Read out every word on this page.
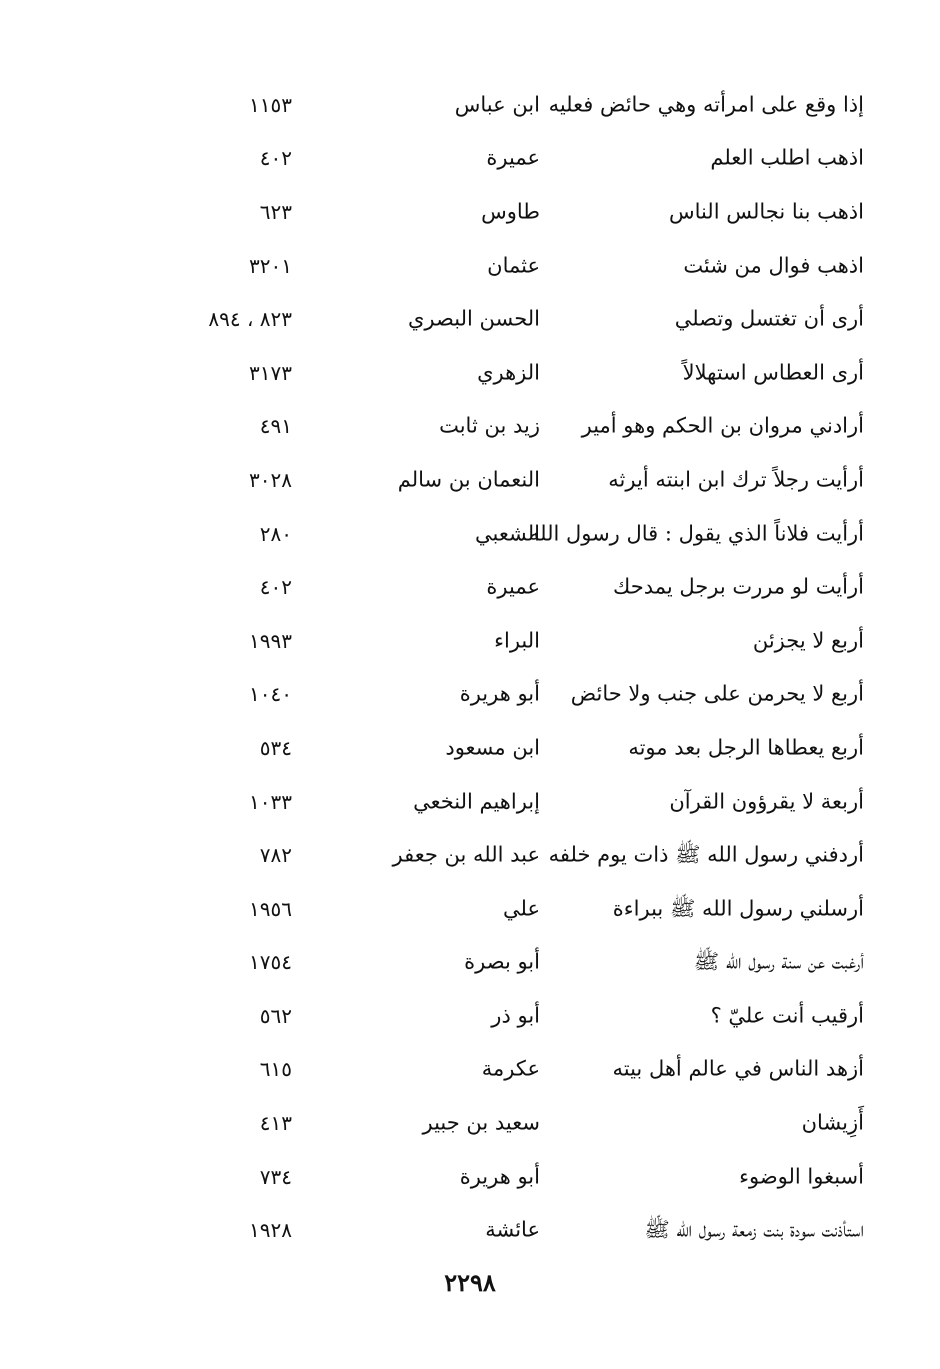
إذا وقع على امرأته وهي حائض فعليه
ابن عباس
١١٥٣
اذهب اطلب العلم
عميرة
٤٠٢
اذهب بنا نجالس الناس
طاوس
٦٢٣
اذهب فوال من شئت
عثمان
٣٢٠١
أرى أن تغتسل وتصلي
الحسن البصري
٨٢٣ ، ٨٩٤
أرى العطاس استهلالاً
الزهري
٣١٧٣
أرادني مروان بن الحكم وهو أمير
زيد بن ثابت
٤٩١
أرأيت رجلاً ترك ابن ابنته أيرثه
النعمان بن سالم
٣٠٢٨
أرأيت فلاناً الذي يقول : قال رسول الله
الشعبي
٢٨٠
أرأيت لو مررت برجل يمدحك
عميرة
٤٠٢
أربع لا يجزئن
البراء
١٩٩٣
أربع لا يحرمن على جنب ولا حائض
أبو هريرة
١٠٤٠
أربع يعطاها الرجل بعد موته
ابن مسعود
٥٣٤
أربعة لا يقرؤون القرآن
إبراهيم النخعي
١٠٣٣
أردفني رسول الله ﷺ ذات يوم خلفه
عبد الله بن جعفر
٧٨٢
أرسلني رسول الله ﷺ ببراءة
علي
١٩٥٦
أرغبت عن سنة رسول الله ﷺ
أبو بصرة
١٧٥٤
أرقيب أنت عليّ ؟
أبو ذر
٥٦٢
أزهد الناس في عالم أهل بيته
عكرمة
٦١٥
أَزِيشان
سعيد بن جبير
٤١٣
أسبغوا الوضوء
أبو هريرة
٧٣٤
استأذنت سودة بنت زمعة رسول الله ﷺ
عائشة
١٩٢٨
٢٢٩٨
